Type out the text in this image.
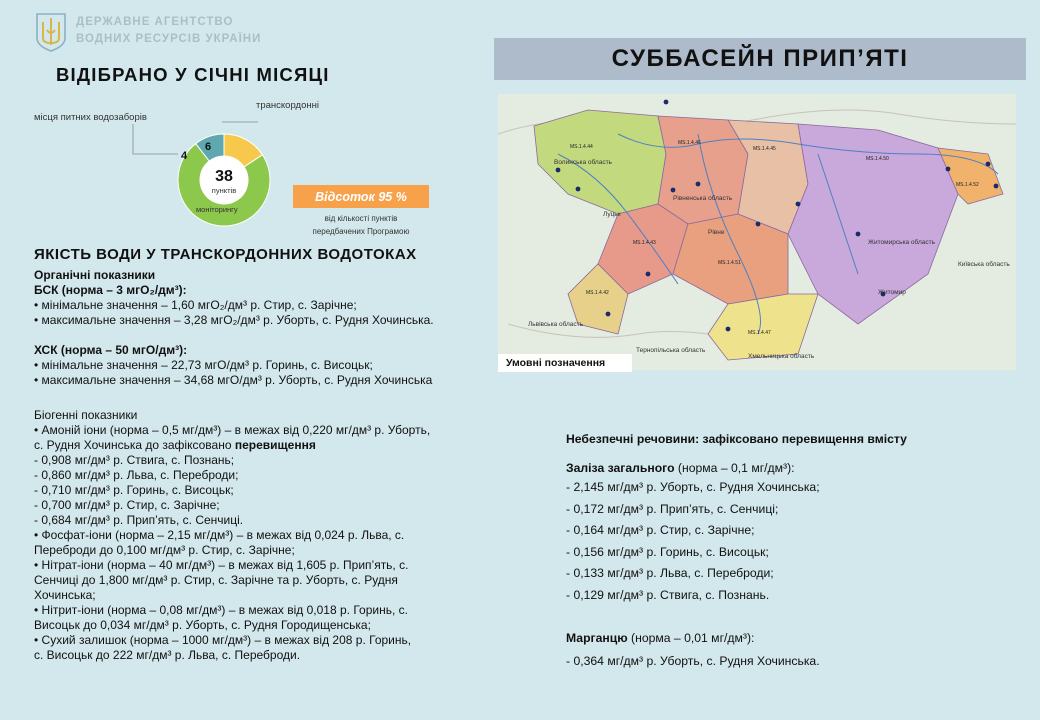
ДЕРЖАВНЕ АГЕНТСТВО
ВОДНИХ РЕСУРСІВ УКРАЇНИ
ВІДІБРАНО У СІЧНІ МІСЯЦІ
СУББАСЕЙН ПРИП’ЯТІ
місця питних водозаборів
транскордонні
38
пунктів
моніторингу
4
6
Відсоток 95 %
від кількості пунктів
передбачених Програмою
ЯКІСТЬ ВОДИ У ТРАНСКОРДОННИХ ВОДОТОКАХ
Органічні показники
БСК (норма – 3 мгО₂/дм³):
• мінімальне значення – 1,60 мгО₂/дм³ р. Стир, с. Зарічне;
• максимальне значення – 3,28 мгО₂/дм³ р. Уборть, с. Рудня Хочинська.
ХСК (норма – 50 мгО/дм³):
• мінімальне значення – 22,73 мгО/дм³ р. Горинь, с. Висоцьк;
• максимальне значення – 34,68 мгО/дм³ р. Уборть, с. Рудня Хочинська
Біогенні показники
• Амоній іони (норма – 0,5 мг/дм³) – в межах від 0,220 мг/дм³ р. Уборть,
с. Рудня Хочинська до зафіксовано перевищення
- 0,908 мг/дм³ р. Ствига, с. Познань;
- 0,860 мг/дм³ р. Льва, с. Переброди;
- 0,710 мг/дм³ р. Горинь, с. Висоцьк;
- 0,700 мг/дм³ р. Стир, с. Зарічне;
- 0,684 мг/дм³ р. Прип’ять, с. Сенчиці.
• Фосфат-іони (норма – 2,15 мг/дм³) – в межах від 0,024 р. Льва, с.
Переброди до 0,100 мг/дм³ р. Стир, с. Зарічне;
• Нітрат-іони (норма – 40 мг/дм³) – в межах від 1,605 р. Прип’ять, с.
Сенчиці до 1,800 мг/дм³ р. Стир, с. Зарічне та р. Уборть, с. Рудня
Хочинська;
• Нітрит-іони (норма – 0,08 мг/дм³) – в межах від 0,018 р. Горинь, с.
Висоцьк до 0,034 мг/дм³ р. Уборть, с. Рудня Городищенська;
• Сухий залишок (норма – 1000 мг/дм³) – в межах від 208 р. Горинь,
с. Висоцьк до 222 мг/дм³ р. Льва, с. Переброди.
Волинська область
Рівненська область
Житомирська область
Київська область
Львівська область
Тернопільська область
Хмельницька область
Луцьк
Рівне
Житомир
MS.1.4.44
MS.1.4.46
MS.1.4.45
MS.1.4.50
MS.1.4.43
MS.1.4.42
MS.1.4.47
MS.1.4.51
MS.1.4.52
Умовні позначення
Небезпечні речовини: зафіксовано перевищення вмісту
Заліза загального (норма – 0,1 мг/дм³):
- 2,145 мг/дм³ р. Уборть, с. Рудня Хочинська;
- 0,172 мг/дм³ р. Прип’ять, с. Сенчиці;
- 0,164 мг/дм³ р. Стир, с. Зарічне;
- 0,156 мг/дм³ р. Горинь, с. Висоцьк;
- 0,133 мг/дм³ р. Льва, с. Переброди;
- 0,129 мг/дм³ р. Ствига, с. Познань.
Марганцю (норма – 0,01 мг/дм³):
- 0,364 мг/дм³ р. Уборть, с. Рудня Хочинська.
